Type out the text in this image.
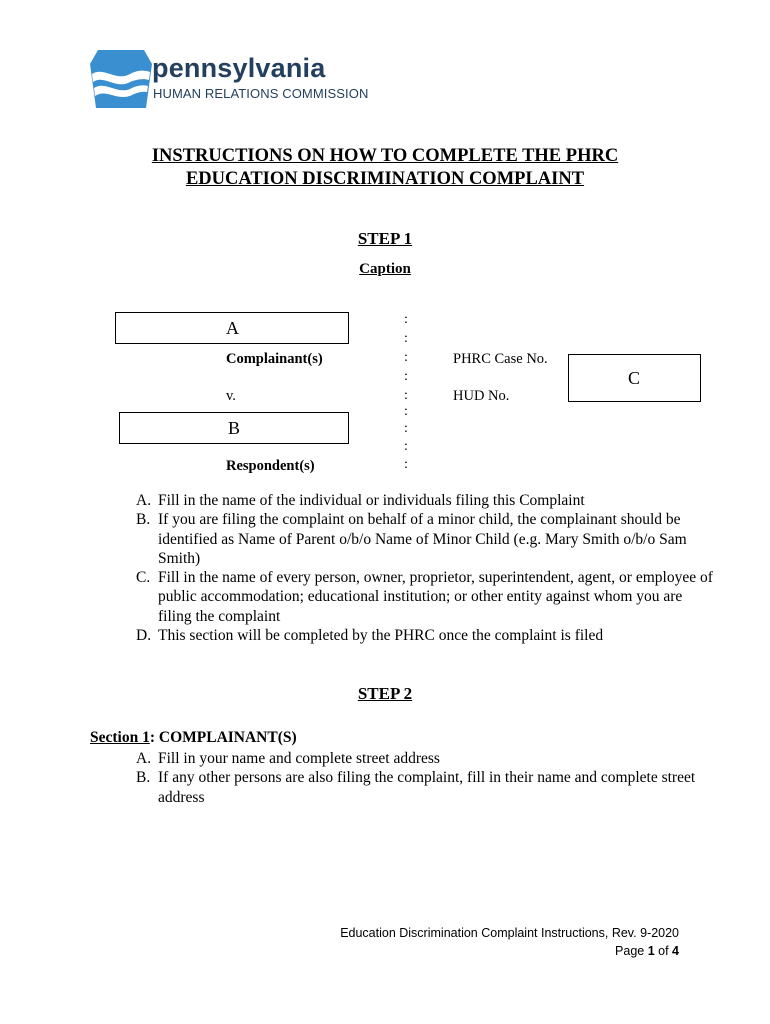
pennsylvania
HUMAN RELATIONS COMMISSION
INSTRUCTIONS ON HOW TO COMPLETE THE PHRC
EDUCATION DISCRIMINATION COMPLAINT
STEP 1
Caption
A
Complainant(s)
v.
B
Respondent(s)
:
:
:
:
:
:
:
:
:
PHRC Case No.
HUD No.
C
A. Fill in the name of the individual or individuals filing this Complaint
B. If you are filing the complaint on behalf of a minor child, the complainant should be identified as Name of Parent o/b/o Name of Minor Child (e.g. Mary Smith o/b/o Sam Smith)
C. Fill in the name of every person, owner, proprietor, superintendent, agent, or employee of public accommodation; educational institution; or other entity against whom you are filing the complaint
D. This section will be completed by the PHRC once the complaint is filed
STEP 2
Section 1: COMPLAINANT(S)
A. Fill in your name and complete street address
B. If any other persons are also filing the complaint, fill in their name and complete street address
Education Discrimination Complaint Instructions, Rev. 9-2020
Page 1 of 4
